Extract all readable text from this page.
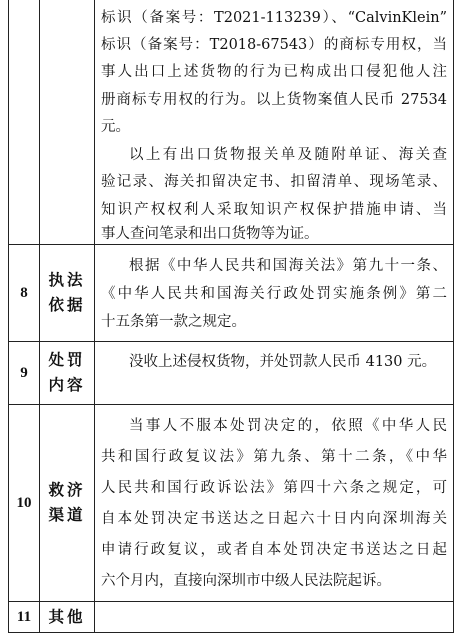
标识（备案号：T2021-113239）、“CalvinKlein”
标识（备案号：T2018-67543）的商标专用权，当
事人出口上述货物的行为已构成出口侵犯他人注
册商标专用权的行为。以上货物案值人民币 27534
元。
以上有出口货物报关单及随附单证、海关查
验记录、海关扣留决定书、扣留清单、现场笔录、
知识产权权利人采取知识产权保护措施申请、当
事人查问笔录和出口货物等为证。
8
执法
依据
根据《中华人民共和国海关法》第九十一条、
《中华人民共和国海关行政处罚实施条例》第二
十五条第一款之规定。
9
处罚
内容
没收上述侵权货物，并处罚款人民币 4130 元。
10
救济
渠道
当事人不服本处罚决定的，依照《中华人民
共和国行政复议法》第九条、第十二条，《中华
人民共和国行政诉讼法》第四十六条之规定，可
自本处罚决定书送达之日起六十日内向深圳海关
申请行政复议，或者自本处罚决定书送达之日起
六个月内，直接向深圳市中级人民法院起诉。
11	其他
